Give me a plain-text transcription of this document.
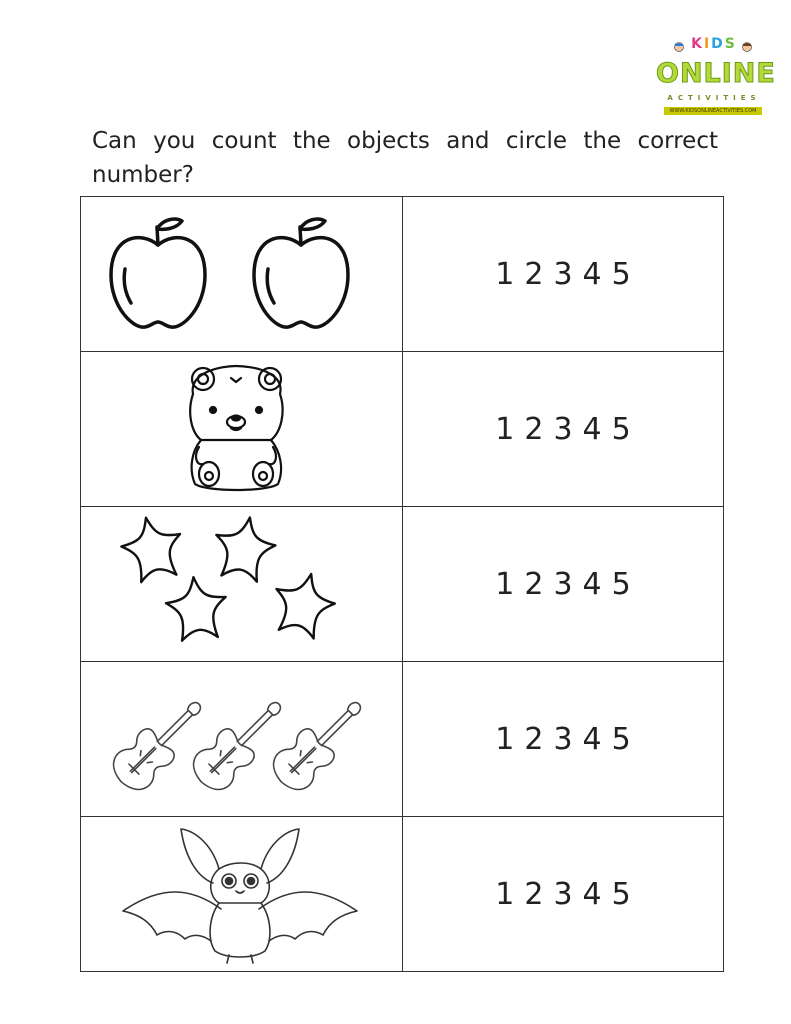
KIDS
ONLINE
ACTIVITIES
WWW.KIDSONLINEACTIVITIES.COM

Can you count the objects and circle the correct number?

	1 2 3 4 5

	1 2 3 4 5

	1 2 3 4 5

	1 2 3 4 5

	1 2 3 4 5
